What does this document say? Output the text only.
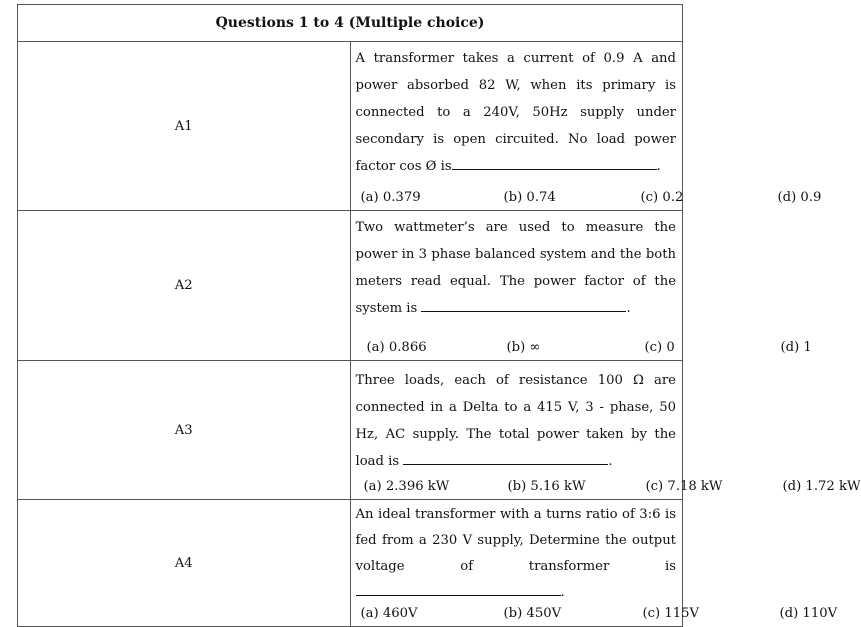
Questions 1 to 4 (Multiple choice)	
A1	A transformer takes a current of 0.9 A and power absorbed 82 W, when its primary is connected to a 240V, 50Hz supply under secondary is open circuited. No load power factor cos Ø is .
(a) 0.379 (b) 0.74 (c) 0.2 (d) 0.9

A2	Two wattmeter’s are used to measure the power in 3 phase balanced system and the both meters read equal. The power factor of the system is .
(a) 0.866 (b) ∞ (c) 0 (d) 1

A3	Three loads, each of resistance 100 Ω are connected in a Delta to a 415 V, 3 - phase, 50 Hz, AC supply. The total power taken by the load is .
(a) 2.396 kW (b) 5.16 kW (c) 7.18 kW (d) 1.72 kW

A4	An ideal transformer with a turns ratio of 3:6 is fed from a 230 V supply, Determine the output voltage of transformer is .
(a) 460V (b) 450V (c) 115V (d) 110V
